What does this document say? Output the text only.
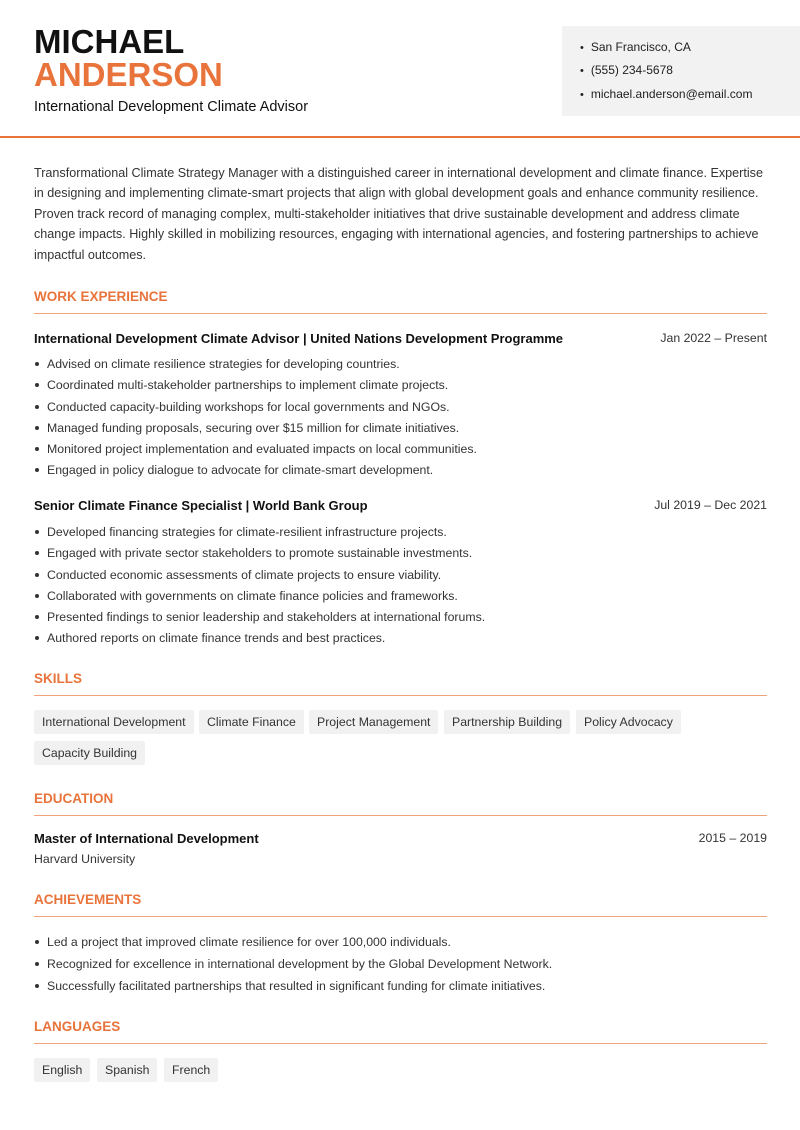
MICHAEL
ANDERSON
International Development Climate Advisor
• San Francisco, CA
• (555) 234-5678
• michael.anderson@email.com

Transformational Climate Strategy Manager with a distinguished career in international development and climate finance. Expertise in designing and implementing climate-smart projects that align with global development goals and enhance community resilience. Proven track record of managing complex, multi-stakeholder initiatives that drive sustainable development and address climate change impacts. Highly skilled in mobilizing resources, engaging with international agencies, and fostering partnerships to achieve impactful outcomes.

WORK EXPERIENCE
International Development Climate Advisor | United Nations Development Programme	Jan 2022 – Present
Advised on climate resilience strategies for developing countries.
Coordinated multi-stakeholder partnerships to implement climate projects.
Conducted capacity-building workshops for local governments and NGOs.
Managed funding proposals, securing over $15 million for climate initiatives.
Monitored project implementation and evaluated impacts on local communities.
Engaged in policy dialogue to advocate for climate-smart development.
Senior Climate Finance Specialist | World Bank Group	Jul 2019 – Dec 2021
Developed financing strategies for climate-resilient infrastructure projects.
Engaged with private sector stakeholders to promote sustainable investments.
Conducted economic assessments of climate projects to ensure viability.
Collaborated with governments on climate finance policies and frameworks.
Presented findings to senior leadership and stakeholders at international forums.
Authored reports on climate finance trends and best practices.
SKILLS
International Development	Climate Finance	Project Management	Partnership Building	Policy Advocacy
Capacity Building
EDUCATION
Master of International Development	2015 – 2019
Harvard University
ACHIEVEMENTS
Led a project that improved climate resilience for over 100,000 individuals.
Recognized for excellence in international development by the Global Development Network.
Successfully facilitated partnerships that resulted in significant funding for climate initiatives.
LANGUAGES
English	Spanish	French
